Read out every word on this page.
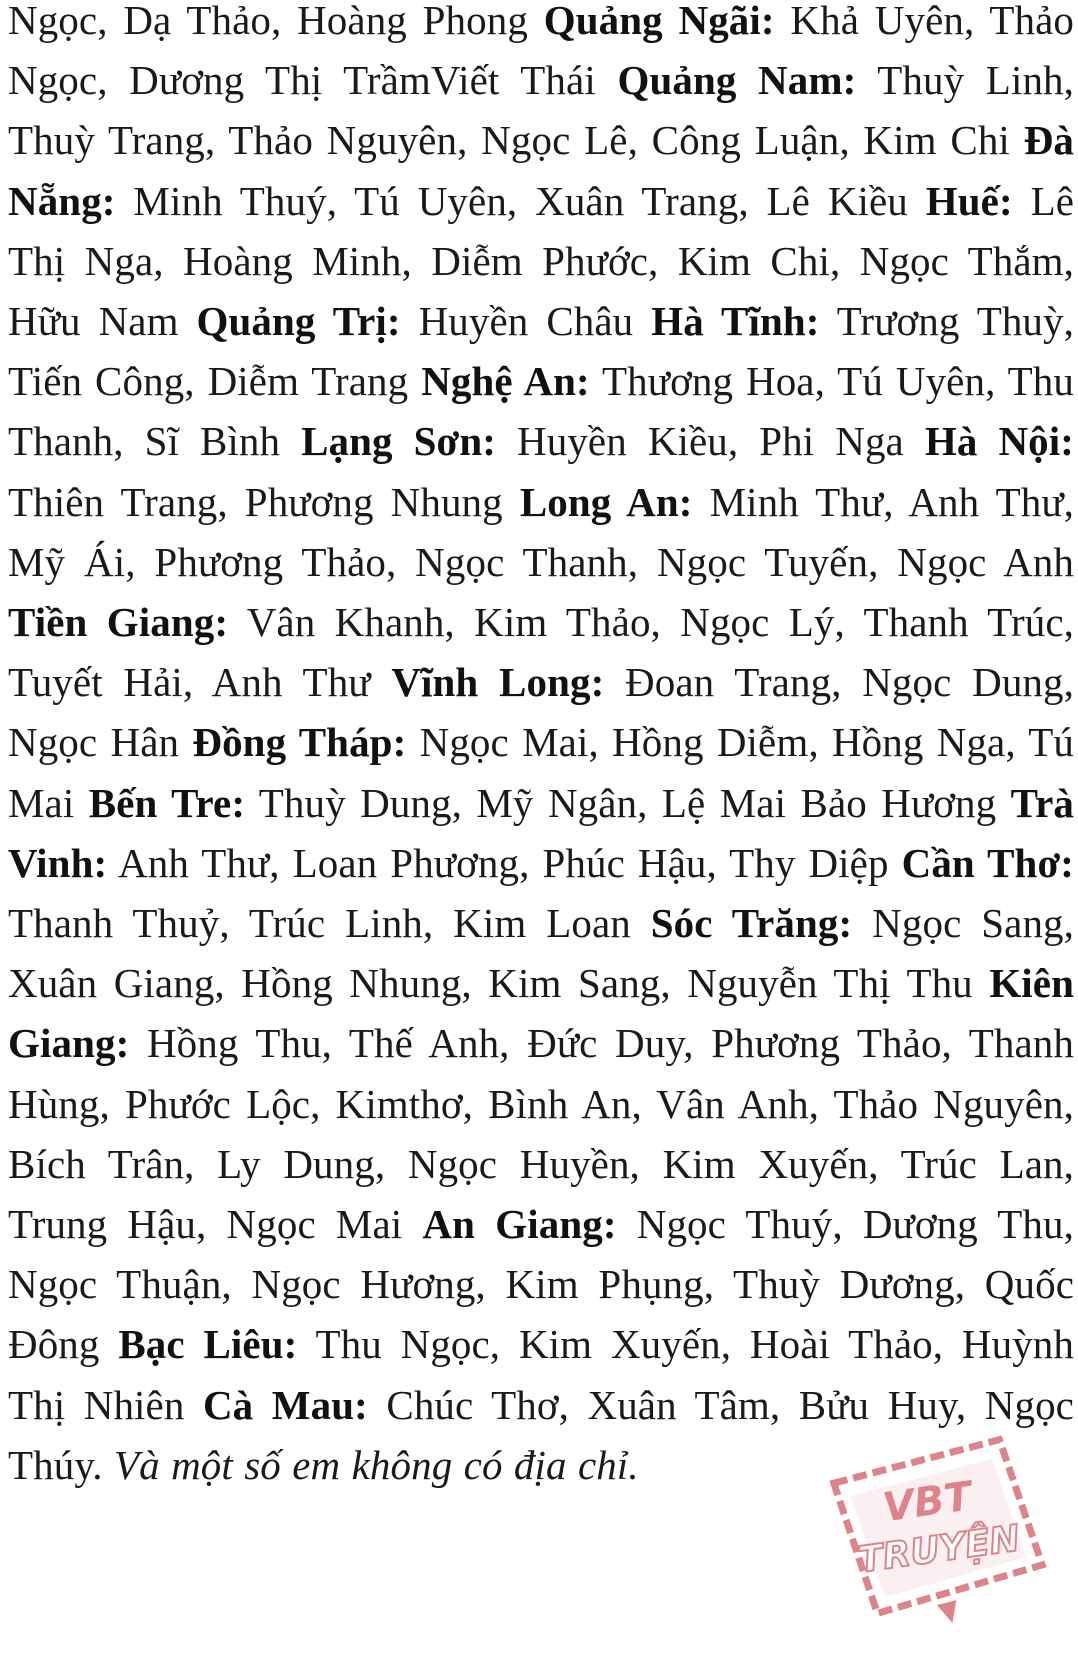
Ngọc, Dạ Thảo, Hoàng Phong Quảng Ngãi: Khả Uyên, Thảo Ngọc, Dương Thị TrầmViết Thái Quảng Nam: Thuỳ Linh, Thuỳ Trang, Thảo Nguyên, Ngọc Lê, Công Luận, Kim Chi Đà Nẵng: Minh Thuý, Tú Uyên, Xuân Trang, Lê Kiều Huế: Lê Thị Nga, Hoàng Minh, Diễm Phước, Kim Chi, Ngọc Thắm, Hữu Nam Quảng Trị: Huyền Châu Hà Tĩnh: Trương Thuỳ, Tiến Công, Diễm Trang Nghệ An: Thương Hoa, Tú Uyên, Thu Thanh, Sĩ Bình Lạng Sơn: Huyền Kiều, Phi Nga Hà Nội: Thiên Trang, Phương Nhung Long An: Minh Thư, Anh Thư, Mỹ Ái, Phương Thảo, Ngọc Thanh, Ngọc Tuyến, Ngọc Anh Tiền Giang: Vân Khanh, Kim Thảo, Ngọc Lý, Thanh Trúc, Tuyết Hải, Anh Thư Vĩnh Long: Đoan Trang, Ngọc Dung, Ngọc Hân Đồng Tháp: Ngọc Mai, Hồng Diễm, Hồng Nga, Tú Mai Bến Tre: Thuỳ Dung, Mỹ Ngân, Lệ Mai Bảo Hương Trà Vinh: Anh Thư, Loan Phương, Phúc Hậu, Thy Diệp Cần Thơ: Thanh Thuỷ, Trúc Linh, Kim Loan Sóc Trăng: Ngọc Sang, Xuân Giang, Hồng Nhung, Kim Sang, Nguyễn Thị Thu Kiên Giang: Hồng Thu, Thế Anh, Đức Duy, Phương Thảo, Thanh Hùng, Phước Lộc, Kimthơ, Bình An, Vân Anh, Thảo Nguyên, Bích Trân, Ly Dung, Ngọc Huyền, Kim Xuyến, Trúc Lan, Trung Hậu, Ngọc Mai An Giang: Ngọc Thuý, Dương Thu, Ngọc Thuận, Ngọc Hương, Kim Phụng, Thuỳ Dương, Quốc Đông Bạc Liêu: Thu Ngọc, Kim Xuyến, Hoài Thảo, Huỳnh Thị Nhiên Cà Mau: Chúc Thơ, Xuân Tâm, Bửu Huy, Ngọc Thúy. Và một số em không có địa chỉ.

VBT
TRUYỆN
